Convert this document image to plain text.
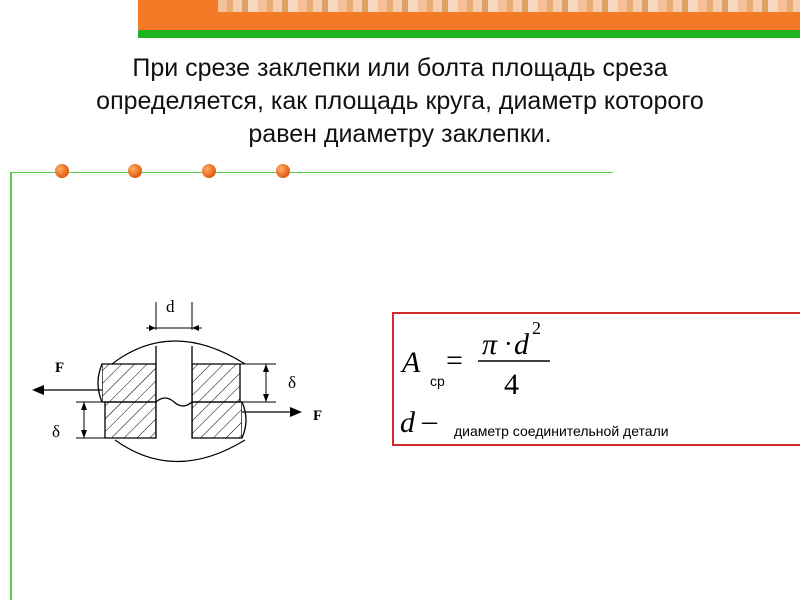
При срезе заклепки или болта площадь среза
определяется, как площадь круга, диаметр которого
равен диаметру заклепки.
d
F
F
δ
δ
A
ср
= π · d 2
4
d – диаметр соединительной детали
